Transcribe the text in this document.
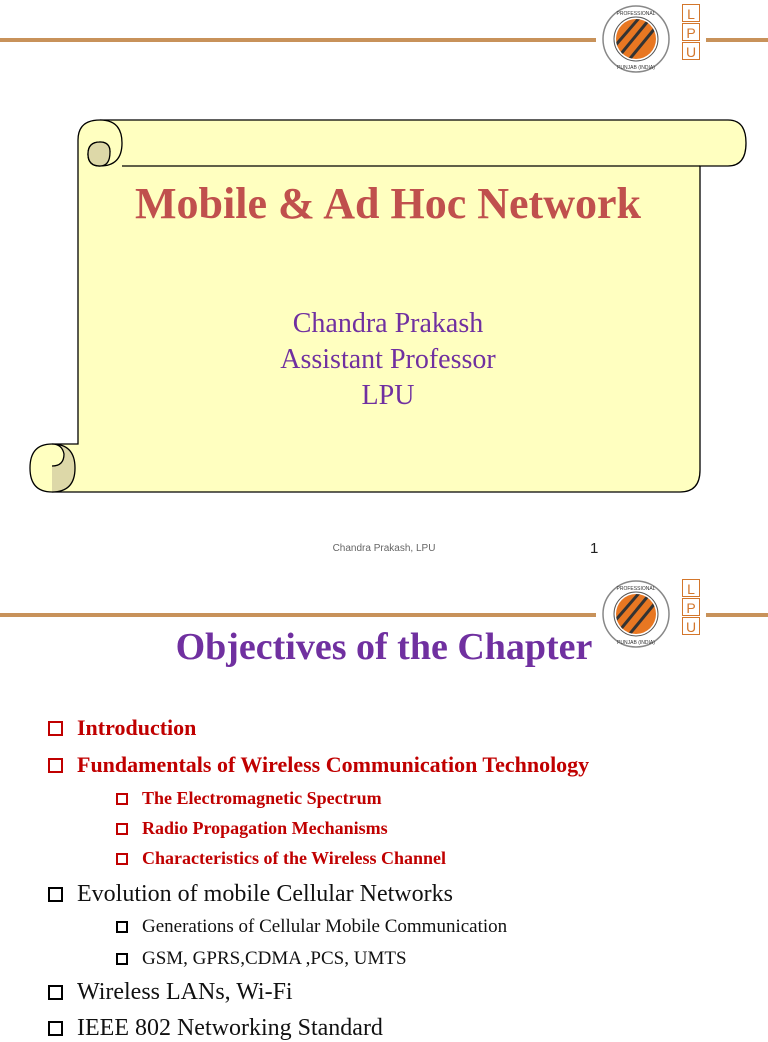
PROFESSIONAL
PUNJAB (INDIA)
L
P
U
Mobile & Ad Hoc Network

Chandra Prakash

Assistant Professor

LPU

Chandra Prakash, LPU	1
PROFESSIONAL
PUNJAB (INDIA)
L
P
U
Objectives of the Chapter
Introduction
Fundamentals of Wireless Communication Technology
The Electromagnetic Spectrum
Radio Propagation Mechanisms
Characteristics of the Wireless Channel
Evolution of mobile Cellular Networks
Generations of Cellular Mobile Communication
GSM, GPRS,CDMA ,PCS, UMTS
Wireless LANs, Wi-Fi
IEEE 802 Networking Standard
